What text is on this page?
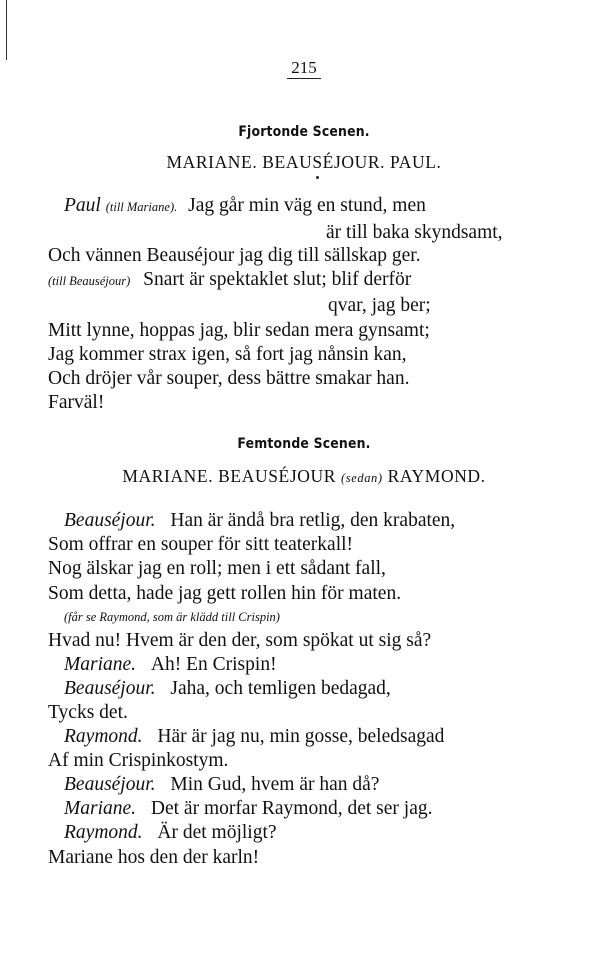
215
Fjortonde Scenen.
MARIANE. BEAUSÉJOUR. PAUL.
Paul (till Mariane). Jag går min väg en stund, men
är till baka skyndsamt,
Och vännen Beauséjour jag dig till sällskap ger.
(till Beauséjour) Snart är spektaklet slut; blif derför
qvar, jag ber;
Mitt lynne, hoppas jag, blir sedan mera gynsamt;
Jag kommer strax igen, så fort jag nånsin kan,
Och dröjer vår souper, dess bättre smakar han.
Farväl!
Femtonde Scenen.
MARIANE. BEAUSÉJOUR (sedan) RAYMOND.
Beauséjour. Han är ändå bra retlig, den krabaten,
Som offrar en souper för sitt teaterkall!
Nog älskar jag en roll; men i ett sådant fall,
Som detta, hade jag gett rollen hin för maten.
(får se Raymond, som är klädd till Crispin)
Hvad nu! Hvem är den der, som spökat ut sig så?
Mariane. Ah! En Crispin!
Beauséjour. Jaha, och temligen bedagad,
Tycks det.
Raymond. Här är jag nu, min gosse, beledsagad
Af min Crispinkostym.
Beauséjour. Min Gud, hvem är han då?
Mariane. Det är morfar Raymond, det ser jag.
Raymond. Är det möjligt?
Mariane hos den der karln!
